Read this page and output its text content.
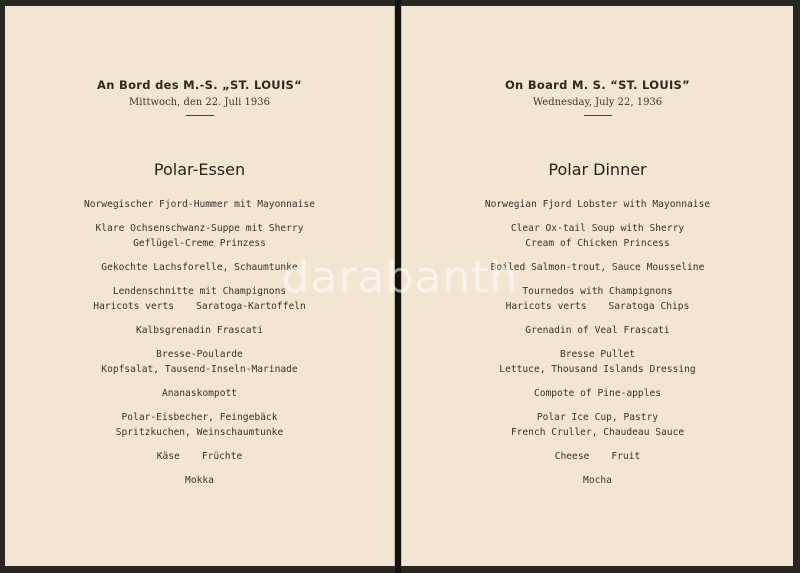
An Bord des M.-S. „ST. LOUIS“
Mittwoch, den 22. Juli 1936
Polar-Essen
Norwegischer Fjord-Hummer mit Mayonnaise
Klare Ochsenschwanz-Suppe mit Sherry
Geflügel-Creme Prinzess
Gekochte Lachsforelle, Schaumtunke
Lendenschnitte mit Champignons
Haricots verts Saratoga-Kartoffeln
Kalbsgrenadin Frascati
Bresse-Poularde
Kopfsalat, Tausend-Inseln-Marinade
Ananaskompott
Polar-Eisbecher, Feingebäck
Spritzkuchen, Weinschaumtunke
Käse Früchte
Mokka
On Board M. S. “ST. LOUIS”
Wednesday, July 22, 1936
Polar Dinner
Norwegian Fjord Lobster with Mayonnaise
Clear Ox-tail Soup with Sherry
Cream of Chicken Princess
Boiled Salmon-trout, Sauce Mousseline
Tournedos with Champignons
Haricots verts Saratoga Chips
Grenadin of Veal Frascati
Bresse Pullet
Lettuce, Thousand Islands Dressing
Compote of Pine-apples
Polar Ice Cup, Pastry
French Cruller, Chaudeau Sauce
Cheese Fruit
Mocha
darabanth
